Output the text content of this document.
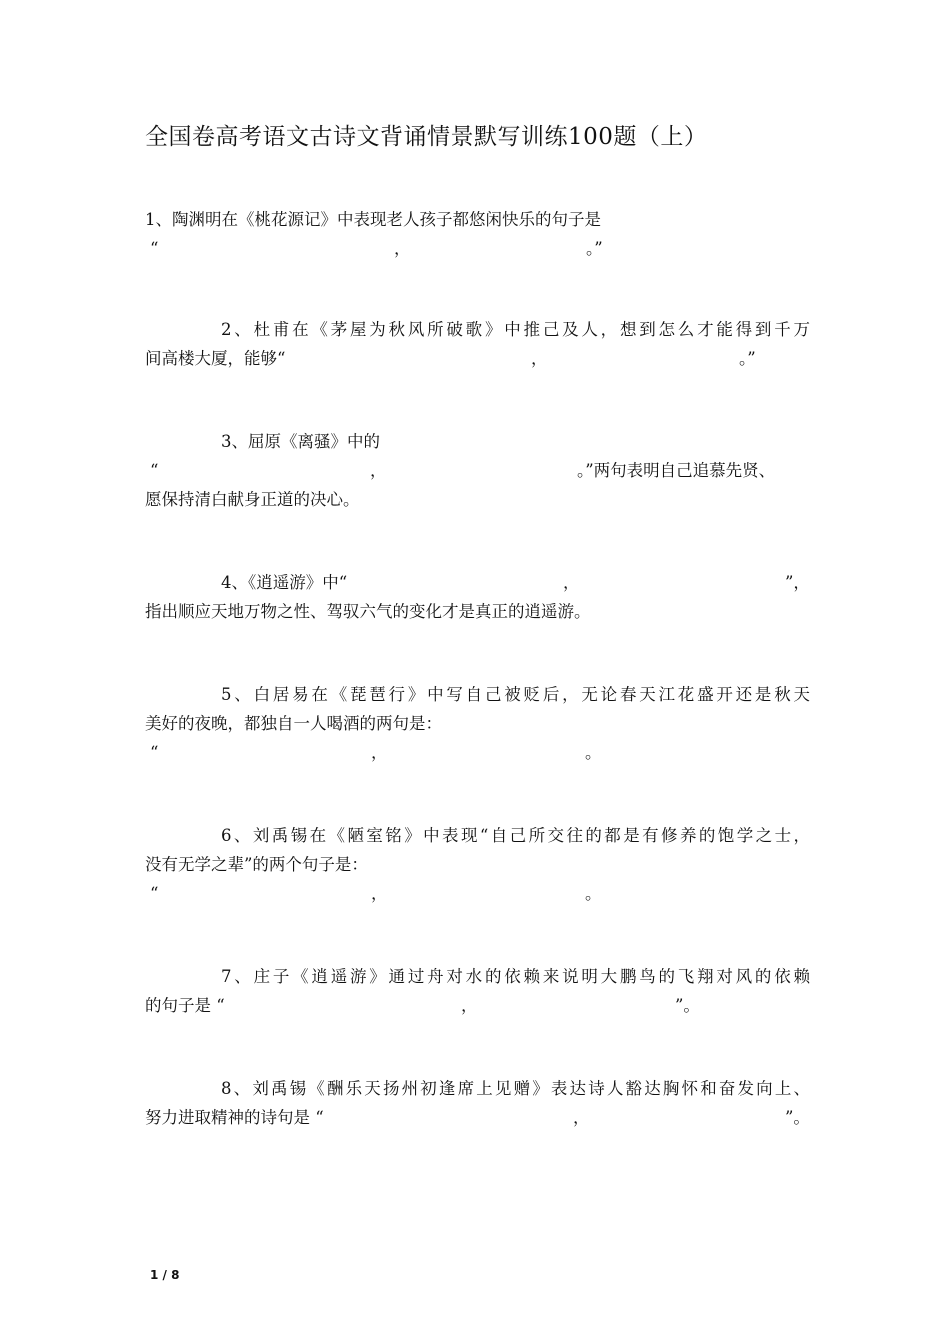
全国卷高考语文古诗文背诵情景默写训练100题（上）
1、陶渊明在《桃花源记》中表现老人孩子都悠闲快乐的句子是
“	，	。”
2、杜甫在《茅屋为秋风所破歌》中推己及人，想到怎么才能得到千万
间高楼大厦，能够“	，	。”
3、屈原《离骚》中的
“	，	。”两句表明自己追慕先贤、
愿保持清白献身正道的决心。
4、《逍遥游》中“	，	”，
指出顺应天地万物之性、驾驭六气的变化才是真正的逍遥游。
5、白居易在《琵琶行》中写自己被贬后，无论春天江花盛开还是秋天
美好的夜晚，都独自一人喝酒的两句是：
“	，	。
6、刘禹锡在《陋室铭》中表现“自己所交往的都是有修养的饱学之士，
没有无学之辈”的两个句子是：
“	，	。
7、庄子《逍遥游》通过舟对水的依赖来说明大鹏鸟的飞翔对风的依赖
的句子是 “	，	”。
8、刘禹锡《酬乐天扬州初逢席上见赠》表达诗人豁达胸怀和奋发向上、
努力进取精神的诗句是 “	，	”。
1 / 8
